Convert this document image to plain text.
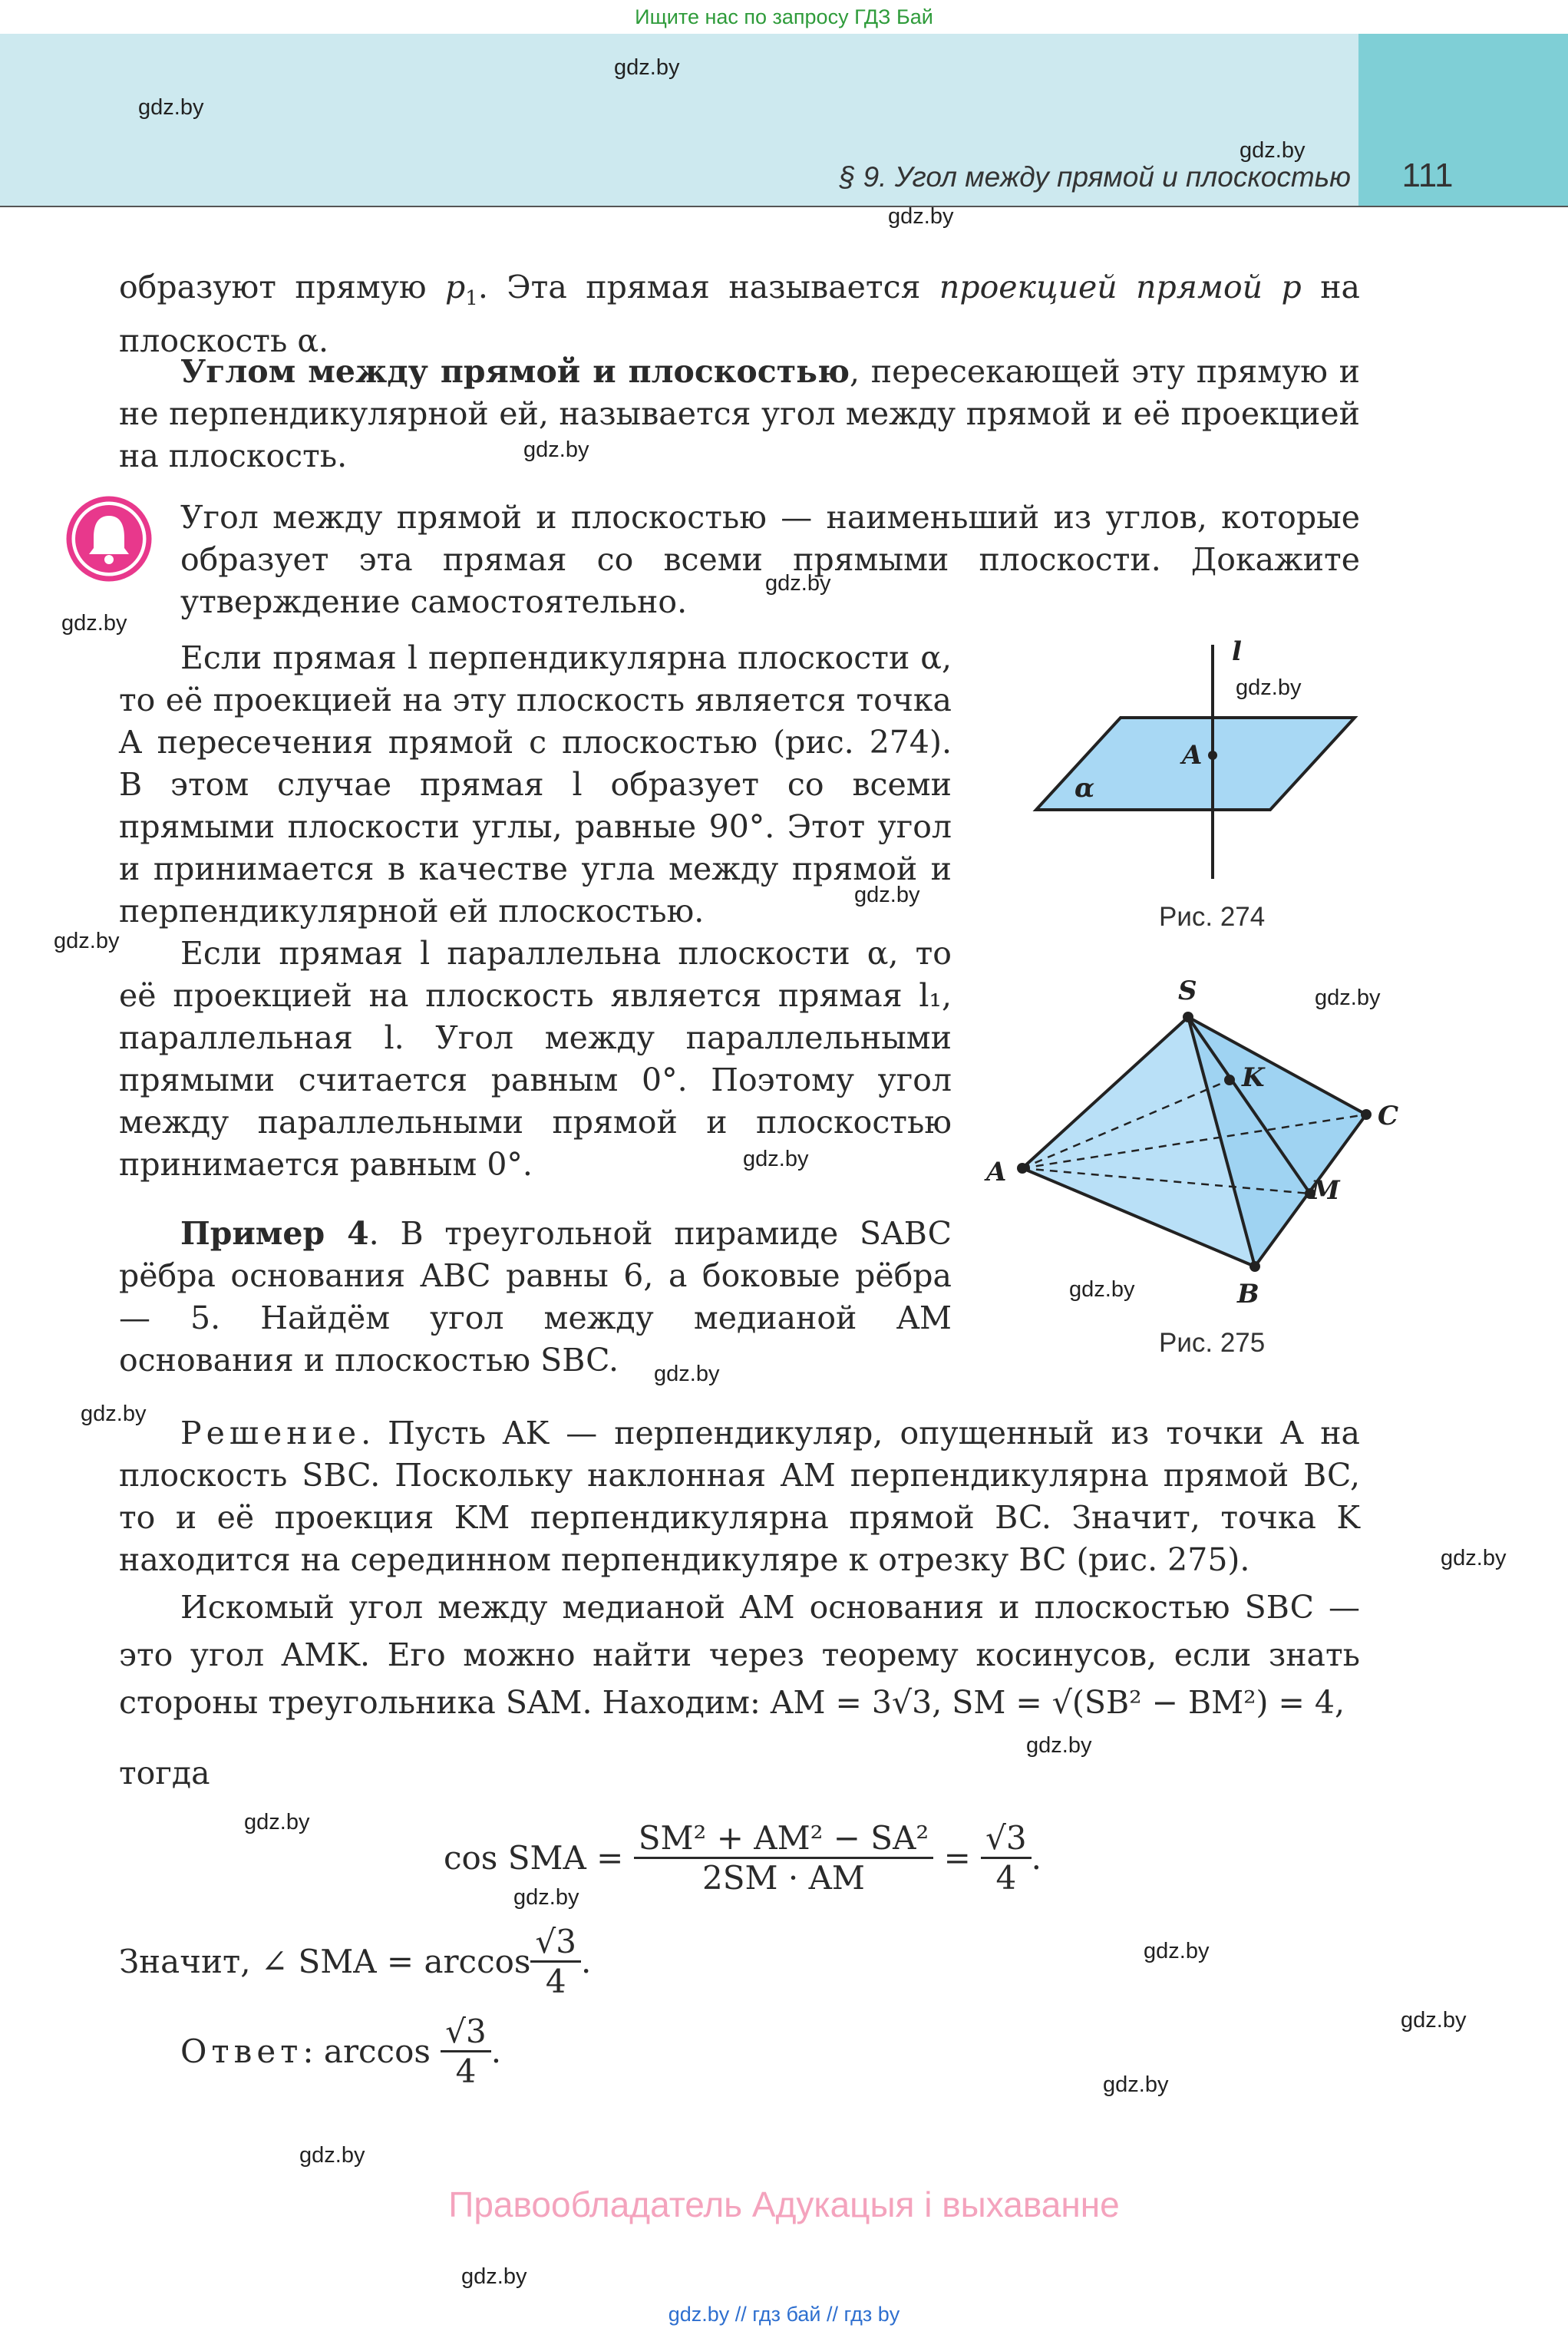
Ищите нас по запросу ГДЗ Бай
§ 9. Угол между прямой и плоскостью	111
gdz.by
gdz.by
gdz.by
gdz.by
gdz.by
gdz.by
gdz.by
gdz.by
gdz.by
gdz.by
gdz.by
gdz.by
gdz.by
gdz.by
gdz.by
gdz.by
gdz.by
gdz.by
gdz.by
gdz.by
gdz.by
gdz.by
gdz.by
gdz.by

образуют прямую $p_1$. Эта прямая называется проекцией прямой p на плоскость α.

Углом между прямой и плоскостью, пересекающей эту прямую и не перпендикулярной ей, называется угол между прямой и её проекцией на плоскость.

Угол между прямой и плоскостью — наименьший из углов, которые образует эта прямая со всеми прямыми плоскости. Докажите утверждение самостоятельно.

Если прямая l перпендикулярна плоскости α, то её проекцией на эту плоскость является точка A пересечения прямой с плоскостью (рис. 274). В этом случае прямая l образует со всеми прямыми плоскости углы, равные 90°. Этот угол и принимается в качестве угла между прямой и перпендикулярной ей плоскостью.

Если прямая l параллельна плоскости α, то её проекцией на плоскость является прямая l₁, параллельная l. Угол между параллельными прямыми считается равным 0°. Поэтому угол между параллельными прямой и плоскостью принимается равным 0°.

Пример 4. В треугольной пирамиде SABC рёбра основания ABC равны 6, а боковые рёбра — 5. Найдём угол между медианой AM основания и плоскостью SBC.

Решение. Пусть AK — перпендикуляр, опущенный из точки A на плоскость SBC. Поскольку наклонная AM перпендикулярна прямой BC, то и её проекция KM перпендикулярна прямой BC. Значит, точка K находится на серединном перпендикуляре к отрезку BC (рис. 275).

Искомый угол между медианой AM основания и плоскостью SBC — это угол AMK. Его можно найти через теорему косинусов, если знать стороны треугольника SAM. Находим: AM = 3√3, SM = √(SB² − BM²) = 4,

тогда
cos SMA = $\frac{\text{SM² + AM² − SA²}}{2SM \cdot AM} = \frac{√3}{4}$ .
Значит, ∠ SMA = $\arccos \frac{√3}{4}$ .
Ответ: $\arccos \frac{√3}{4}$ .
l
A
α
Рис. 274
S
K
C
A
M
B
Рис. 275
Правообладатель Адукацыя і выхаванне
gdz.by // гдз бай // гдз by
